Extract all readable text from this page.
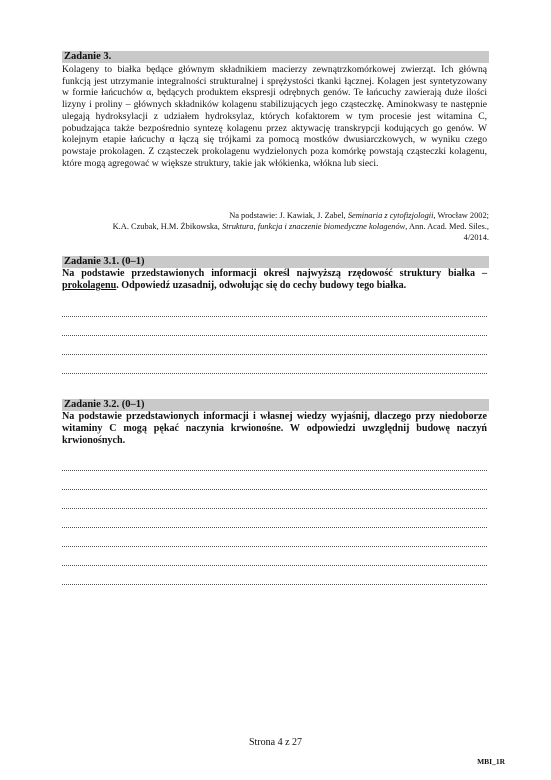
Zadanie 3.
Kolageny to białka będące głównym składnikiem macierzy zewnątrzkomórkowej zwierząt. Ich główną funkcją jest utrzymanie integralności strukturalnej i sprężystości tkanki łącznej. Kolagen jest syntetyzowany w formie łańcuchów α, będących produktem ekspresji odrębnych genów. Te łańcuchy zawierają duże ilości lizyny i proliny – głównych składników kolagenu stabilizujących jego cząsteczkę. Aminokwasy te następnie ulegają hydroksylacji z udziałem hydroksylaz, których kofaktorem w tym procesie jest witamina C, pobudzająca także bezpośrednio syntezę kolagenu przez aktywację transkrypcji kodujących go genów. W kolejnym etapie łańcuchy α łączą się trójkami za pomocą mostków dwusiarczkowych, w wyniku czego powstaje prokolagen. Z cząsteczek prokolagenu wydzielonych poza komórkę powstają cząsteczki kolagenu, które mogą agregować w większe struktury, takie jak włókienka, włókna lub sieci.
Na podstawie: J. Kawiak, J. Zabel, Seminaria z cytofizjologii, Wrocław 2002;
K.A. Czubak, H.M. Żbikowska, Struktura, funkcja i znaczenie biomedyczne kolagenów, Ann. Acad. Med. Siles.,
4/2014.
Zadanie 3.1. (0–1)
Na podstawie przedstawionych informacji określ najwyższą rzędowość struktury białka – prokolagenu. Odpowiedź uzasadnij, odwołując się do cechy budowy tego białka.
Zadanie 3.2. (0–1)
Na podstawie przedstawionych informacji i własnej wiedzy wyjaśnij, dlaczego przy niedoborze witaminy C mogą pękać naczynia krwionośne. W odpowiedzi uwzględnij budowę naczyń krwionośnych.
Strona 4 z 27
MBI_1R
